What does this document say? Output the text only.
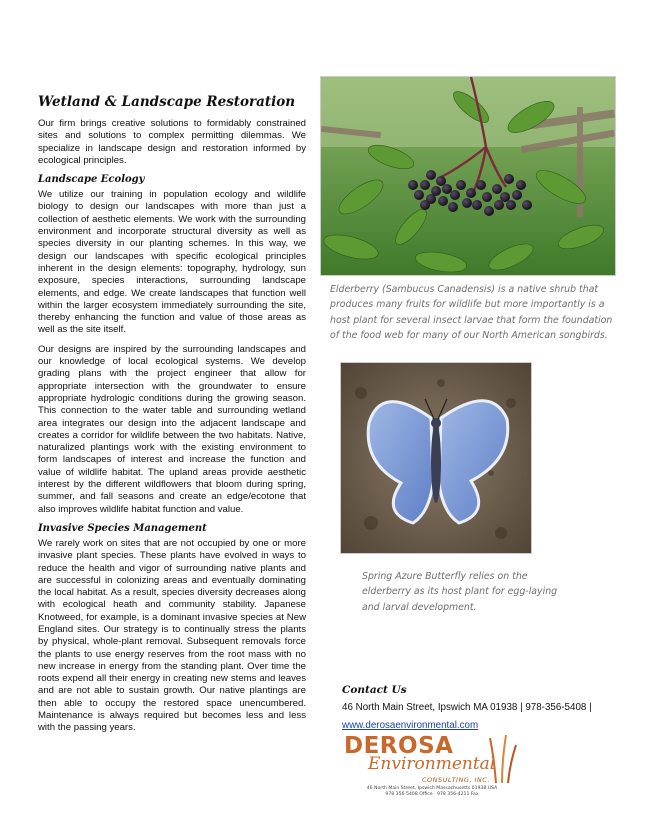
Wetland & Landscape Restoration

Our firm brings creative solutions to formidably constrained sites and solutions to complex permitting dilemmas. We specialize in landscape design and restoration informed by ecological principles.

Landscape Ecology

We utilize our training in population ecology and wildlife biology to design our landscapes with more than just a collection of aesthetic elements. We work with the surrounding environment and incorporate structural diversity as well as species diversity in our planting schemes. In this way, we design our landscapes with specific ecological principles inherent in the design elements: topography, hydrology, sun exposure, species interactions, surrounding landscape elements, and edge. We create landscapes that function well within the larger ecosystem immediately surrounding the site, thereby enhancing the function and value of those areas as well as the site itself.

Our designs are inspired by the surrounding landscapes and our knowledge of local ecological systems. We develop grading plans with the project engineer that allow for appropriate intersection with the groundwater to ensure appropriate hydrologic conditions during the growing season. This connection to the water table and surrounding wetland area integrates our design into the adjacent landscape and creates a corridor for wildlife between the two habitats. Native, naturalized plantings work with the existing environment to form landscapes of interest and increase the function and value of wildlife habitat. The upland areas provide aesthetic interest by the different wildflowers that bloom during spring, summer, and fall seasons and create an edge/ecotone that also improves wildlife habitat function and value.

Invasive Species Management

We rarely work on sites that are not occupied by one or more invasive plant species. These plants have evolved in ways to reduce the health and vigor of surrounding native plants and are successful in colonizing areas and eventually dominating the local habitat. As a result, species diversity decreases along with ecological heath and community stability. Japanese Knotweed, for example, is a dominant invasive species at New England sites. Our strategy is to continually stress the plants by physical, whole-plant removal. Subsequent removals force the plants to use energy reserves from the root mass with no new increase in energy from the standing plant. Over time the roots expend all their energy in creating new stems and leaves and are not able to sustain growth. Our native plantings are then able to occupy the restored space unencumbered. Maintenance is always required but becomes less and less with the passing years.

Elderberry (Sambucus Canadensis) is a native shrub that produces many fruits for wildlife but more importantly is a host plant for several insect larvae that form the foundation of the food web for many of our North American songbirds.
Spring Azure Butterfly relies on the elderberry as its host plant for egg-laying and larval development.
Contact Us
46 North Main Street, Ipswich MA 01938 | 978-356-5408 |
www.derosaenvironmental.com
DEROSA
Environmental
CONSULTING, INC.
46 North Main Street, Ipswich Massachusetts 01938 USA
978 356-5408 Office · 978 356-4211 Fax
